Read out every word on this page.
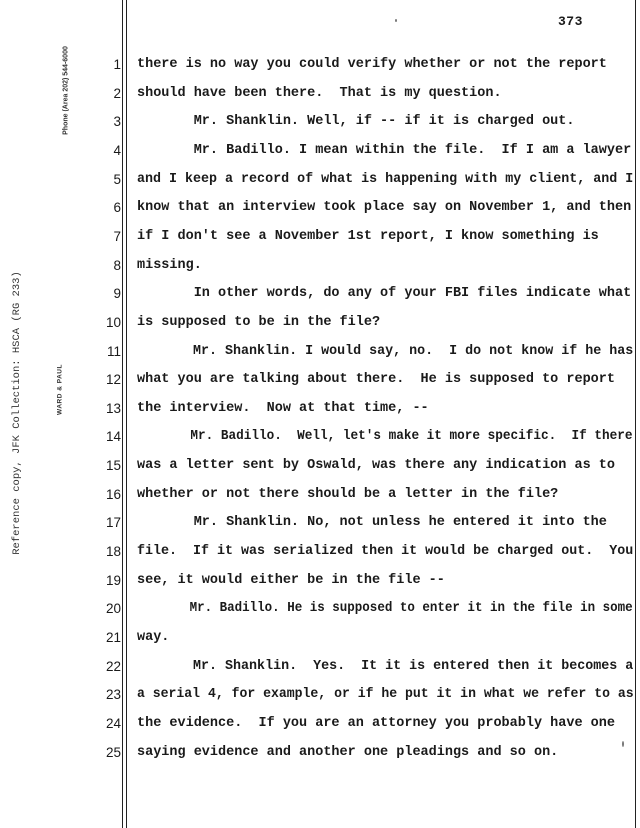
373
Phone (Area 202) 544-6000
Reference copy, JFK Collection: HSCA (RG 233)	WARD & PAUL
1 there is no way you could verify whether or not the report
2 should have been there.  That is my question.
3 Mr. Shanklin. Well, if -- if it is charged out.
4 Mr. Badillo. I mean within the file.  If I am a lawyer
5 and I keep a record of what is happening with my client, and I
6 know that an interview took place say on November 1, and then
7 if I don't see a November 1st report, I know something is
8 missing.
9 In other words, do any of your FBI files indicate what
10 is supposed to be in the file?
11 Mr. Shanklin. I would say, no.  I do not know if he has
12 what you are talking about there.  He is supposed to report
13 the interview.  Now at that time, --
14 Mr. Badillo.  Well, let's make it more specific.  If there
15 was a letter sent by Oswald, was there any indication as to
16 whether or not there should be a letter in the file?
17 Mr. Shanklin. No, not unless he entered it into the
18 file.  If it was serialized then it would be charged out.  You
19 see, it would either be in the file --
20 Mr. Badillo. He is supposed to enter it in the file in some
21 way.
22 Mr. Shanklin.  Yes.  It it is entered then it becomes a
23 a serial 4, for example, or if he put it in what we refer to as
24 the evidence.  If you are an attorney you probably have one
25 saying evidence and another one pleadings and so on.
